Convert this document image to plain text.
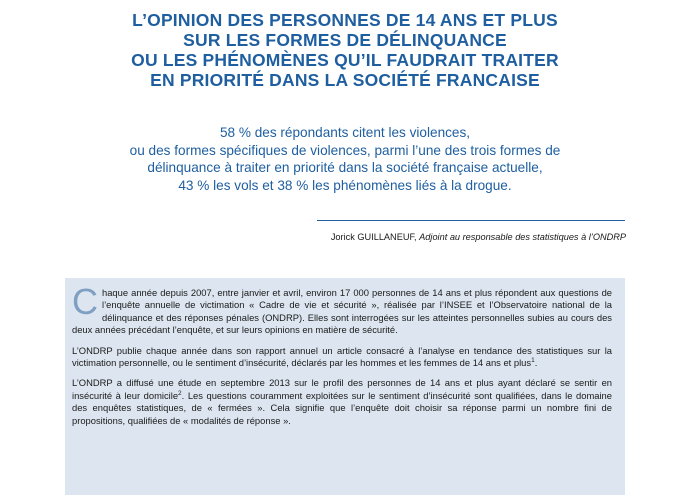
L’OPINION DES PERSONNES DE 14 ANS ET PLUS
SUR LES FORMES DE DÉLINQUANCE
OU LES PHÉNOMÈNES QU’IL FAUDRAIT TRAITER
EN PRIORITÉ DANS LA SOCIÉTÉ FRANCAISE
58 % des répondants citent les violences,
ou des formes spécifiques de violences, parmi l’une des trois formes de
délinquance à traiter en priorité dans la société française actuelle,
43 % les vols et 38 % les phénomènes liés à la drogue.
Jorick GUILLANEUF, Adjoint au responsable des statistiques à l’ONDRP

Chaque année depuis 2007, entre janvier et avril, environ 17 000 personnes de 14 ans et plus répondent aux questions de l’enquête annuelle de victimation « Cadre de vie et sécurité », réalisée par l’INSEE et l’Observatoire national de la délinquance et des réponses pénales (ONDRP). Elles sont interrogées sur les atteintes personnelles subies au cours des deux années précédant l’enquête, et sur leurs opinions en matière de sécurité.

L’ONDRP publie chaque année dans son rapport annuel un article consacré à l’analyse en tendance des statistiques sur la victimation personnelle, ou le sentiment d’insécurité, déclarés par les hommes et les femmes de 14 ans et plus$^1$.

L’ONDRP a diffusé une étude en septembre 2013 sur le profil des personnes de 14 ans et plus ayant déclaré se sentir en insécurité à leur domicile$^2$. Les questions couramment exploitées sur le sentiment d’insécurité sont qualifiées, dans le domaine des enquêtes statistiques, de « fermées ». Cela signifie que l’enquête doit choisir sa réponse parmi un nombre fini de propositions, qualifiées de « modalités de réponse ».
